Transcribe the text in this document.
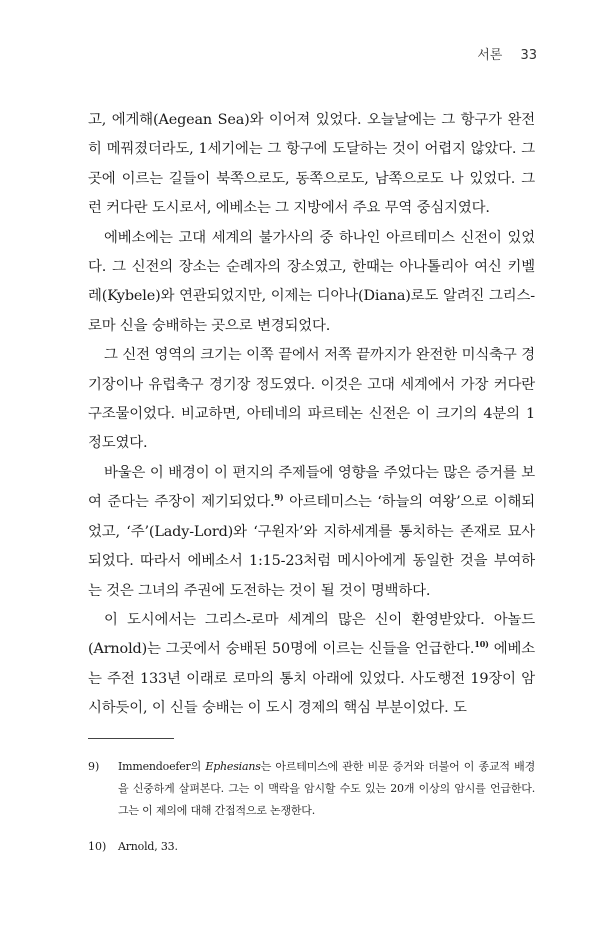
서론 33

고, 에게해(Aegean Sea)와 이어져 있었다. 오늘날에는 그 항구가 완전히 메꿔졌더라도, 1세기에는 그 항구에 도달하는 것이 어렵지 않았다. 그 곳에 이르는 길들이 북쪽으로도, 동쪽으로도, 남쪽으로도 나 있었다. 그런 커다란 도시로서, 에베소는 그 지방에서 주요 무역 중심지였다.

에베소에는 고대 세계의 불가사의 중 하나인 아르테미스 신전이 있었다. 그 신전의 장소는 순례자의 장소였고, 한때는 아나톨리아 여신 키벨레(Kybele)와 연관되었지만, 이제는 디아나(Diana)로도 알려진 그리스-로마 신을 숭배하는 곳으로 변경되었다.

그 신전 영역의 크기는 이쪽 끝에서 저쪽 끝까지가 완전한 미식축구 경기장이나 유럽축구 경기장 정도였다. 이것은 고대 세계에서 가장 커다란 구조물이었다. 비교하면, 아테네의 파르테논 신전은 이 크기의 4분의 1 정도였다.

바울은 이 배경이 이 편지의 주제들에 영향을 주었다는 많은 증거를 보여 준다는 주장이 제기되었다.$^{9)}$ 아르테미스는 ‘하늘의 여왕’으로 이해되었고, ‘주’(Lady-Lord)와 ‘구원자’와 지하세계를 통치하는 존재로 묘사되었다. 따라서 에베소서 1:15-23처럼 메시아에게 동일한 것을 부여하는 것은 그녀의 주권에 도전하는 것이 될 것이 명백하다.

이 도시에서는 그리스-로마 세계의 많은 신이 환영받았다. 아놀드(Arnold)는 그곳에서 숭배된 50명에 이르는 신들을 언급한다.$^{10)}$ 에베소는 주전 133년 이래로 로마의 통치 아래에 있었다. 사도행전 19장이 암시하듯이, 이 신들 숭배는 이 도시 경제의 핵심 부분이었다. 도

9)	Immendoefer의 Ephesians는 아르테미스에 관한 비문 증거와 더불어 이 종교적 배경을 신중하게 살펴본다. 그는 이 맥락을 암시할 수도 있는 20개 이상의 암시를 언급한다. 그는 이 제의에 대해 간접적으로 논쟁한다.
10)	Arnold, 33.
